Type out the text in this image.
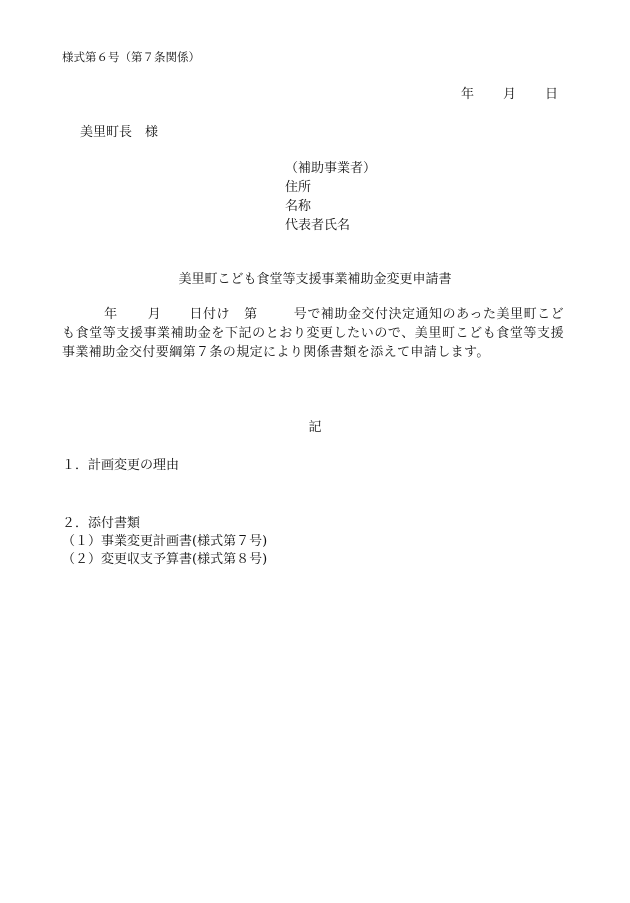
様式第６号（第７条関係）
年 月 日
美里町長　様
（補助事業者）
住所
名称
代表者氏名
美里町こども食堂等支援事業補助金変更申請書
年 月 日付け 第	号で補助金交付決定通知のあった美里町こども食堂等支援事業補助金を下記のとおり変更したいので、美里町こども食堂等支援事業補助金交付要綱第７条の規定により関係書類を添えて申請します。
記
１．計画変更の理由
２．添付書類
（１）事業変更計画書(様式第７号)
（２）変更収支予算書(様式第８号)
